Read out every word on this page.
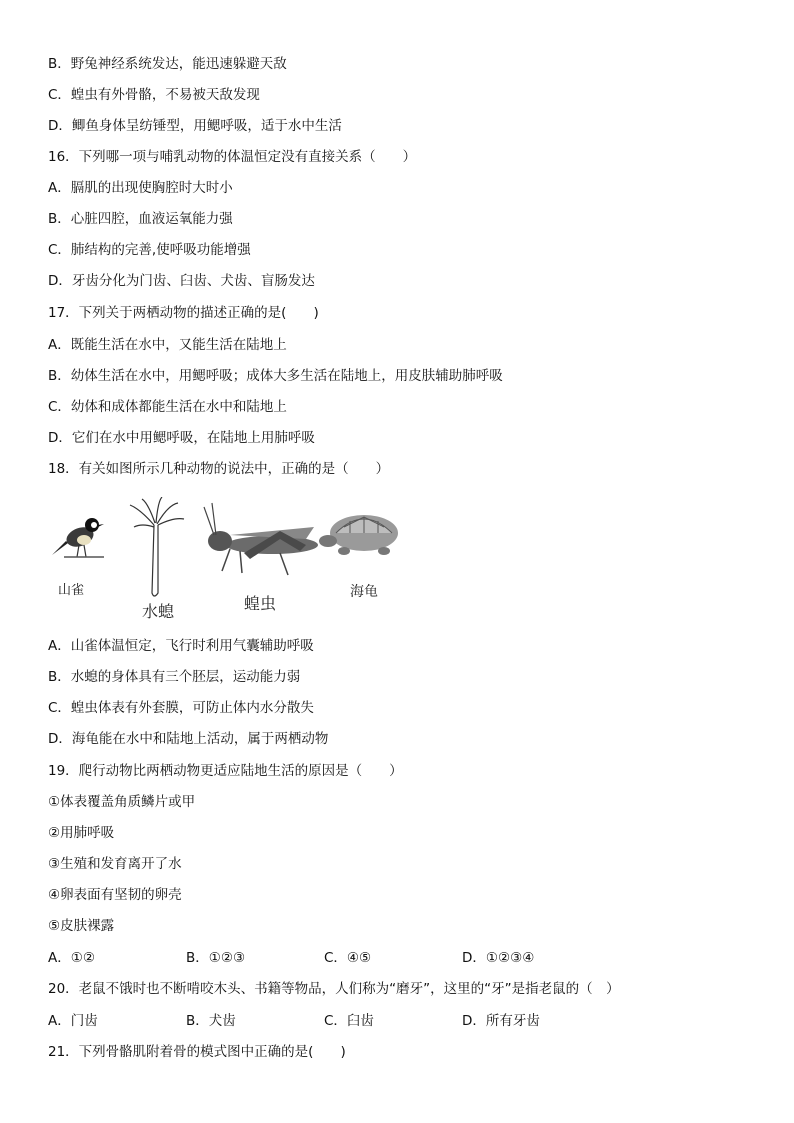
B．野兔神经系统发达，能迅速躲避天敌
C．蝗虫有外骨骼，不易被天敌发现
D．鲫鱼身体呈纺锤型，用鳃呼吸，适于水中生活
16．下列哪一项与哺乳动物的体温恒定没有直接关系（　　）
A．膈肌的出现使胸腔时大时小
B．心脏四腔，血液运氧能力强
C．肺结构的完善,使呼吸功能增强
D．牙齿分化为门齿、臼齿、犬齿、盲肠发达
17．下列关于两栖动物的描述正确的是(　　)
A．既能生活在水中，又能生活在陆地上
B．幼体生活在水中，用鳃呼吸；成体大多生活在陆地上，用皮肤辅助肺呼吸
C．幼体和成体都能生活在水中和陆地上
D．它们在水中用鳃呼吸，在陆地上用肺呼吸
18．有关如图所示几种动物的说法中，正确的是（　　）
山雀
水螅	蝗虫
海龟
A．山雀体温恒定，飞行时利用气囊辅助呼吸
B．水螅的身体具有三个胚层，运动能力弱
C．蝗虫体表有外套膜，可防止体内水分散失
D．海龟能在水中和陆地上活动，属于两栖动物
19．爬行动物比两栖动物更适应陆地生活的原因是（　　）
①体表覆盖角质鳞片或甲
②用肺呼吸
③生殖和发育离开了水
④卵表面有坚韧的卵壳
⑤皮肤裸露
A．①②	B．①②③	C．④⑤	D．①②③④
20．老鼠不饿时也不断啃咬木头、书籍等物品，人们称为“磨牙”，这里的“牙”是指老鼠的（　）
A．门齿	B．犬齿	C．臼齿	D．所有牙齿
21．下列骨骼肌附着骨的模式图中正确的是(　　)
